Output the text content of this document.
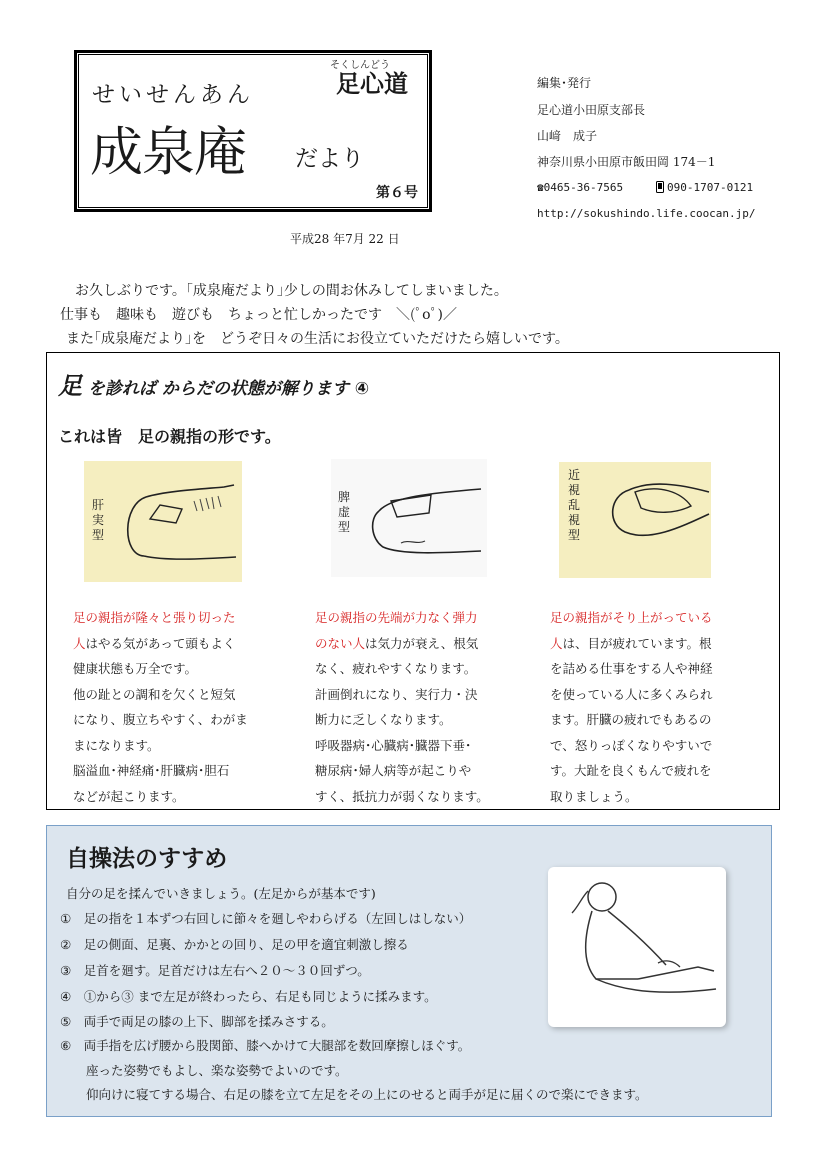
そくしんどう
足心道
せいせんあん
成泉庵 だより
第６号
平成28 年7月 22 日
編集･発行
足心道小田原支部長
山﨑　成子
神奈川県小田原市飯田岡 174－1
☎0465-36-7565	090-1707-0121
http://sokushindo.life.coocan.jp/
お久しぶりです。｢成泉庵だより｣少しの間お休みしてしまいました。
仕事も　趣味も　遊びも　ちょっと忙しかったです　＼(ﾟoﾟ)／
また｢成泉庵だより｣を　どうぞ日々の生活にお役立ていただけたら嬉しいです。
足 を診れば からだの状態が解ります ④
これは皆　足の親指の形です。
肝実型
脾虚型
近視乱視型
足の親指が隆々と張り切った
人はやる気があって頭もよく
健康状態も万全です。
他の趾との調和を欠くと短気
になり、腹立ちやすく、わがま
まになります。
脳溢血･神経痛･肝臓病･胆石
などが起こります。
足の親指の先端が力なく弾力
のない人は気力が衰え、根気
なく、疲れやすくなります。
計画倒れになり、実行力・決
断力に乏しくなります。
呼吸器病･心臓病･臓器下垂･
糖尿病･婦人病等が起こりや
すく、抵抗力が弱くなります。
足の親指がそり上がっている
人は、目が疲れています。根
を詰める仕事をする人や神経
を使っている人に多くみられ
ます。肝臓の疲れでもあるの
で、怒りっぽくなりやすいで
す。大趾を良くもんで疲れを
取りましょう。
自操法のすすめ
自分の足を揉んでいきましょう。(左足からが基本です)
①　 足の指を１本ずつ右回しに節々を廻しやわらげる（左回しはしない）
②　 足の側面、足裏、かかとの回り、足の甲を適宜刺激し擦る
③　 足首を廻す。足首だけは左右へ２０～３０回ずつ。
④　 ①から③ まで左足が終わったら、右足も同じように揉みます。
⑤　 両手で両足の膝の上下、脚部を揉みさする。
⑥　 両手指を広げ腰から股関節、膝へかけて大腿部を数回摩擦しほぐす。
座った姿勢でもよし、楽な姿勢でよいのです。
仰向けに寝てする場合、右足の膝を立て左足をその上にのせると両手が足に届くので楽にできます。
